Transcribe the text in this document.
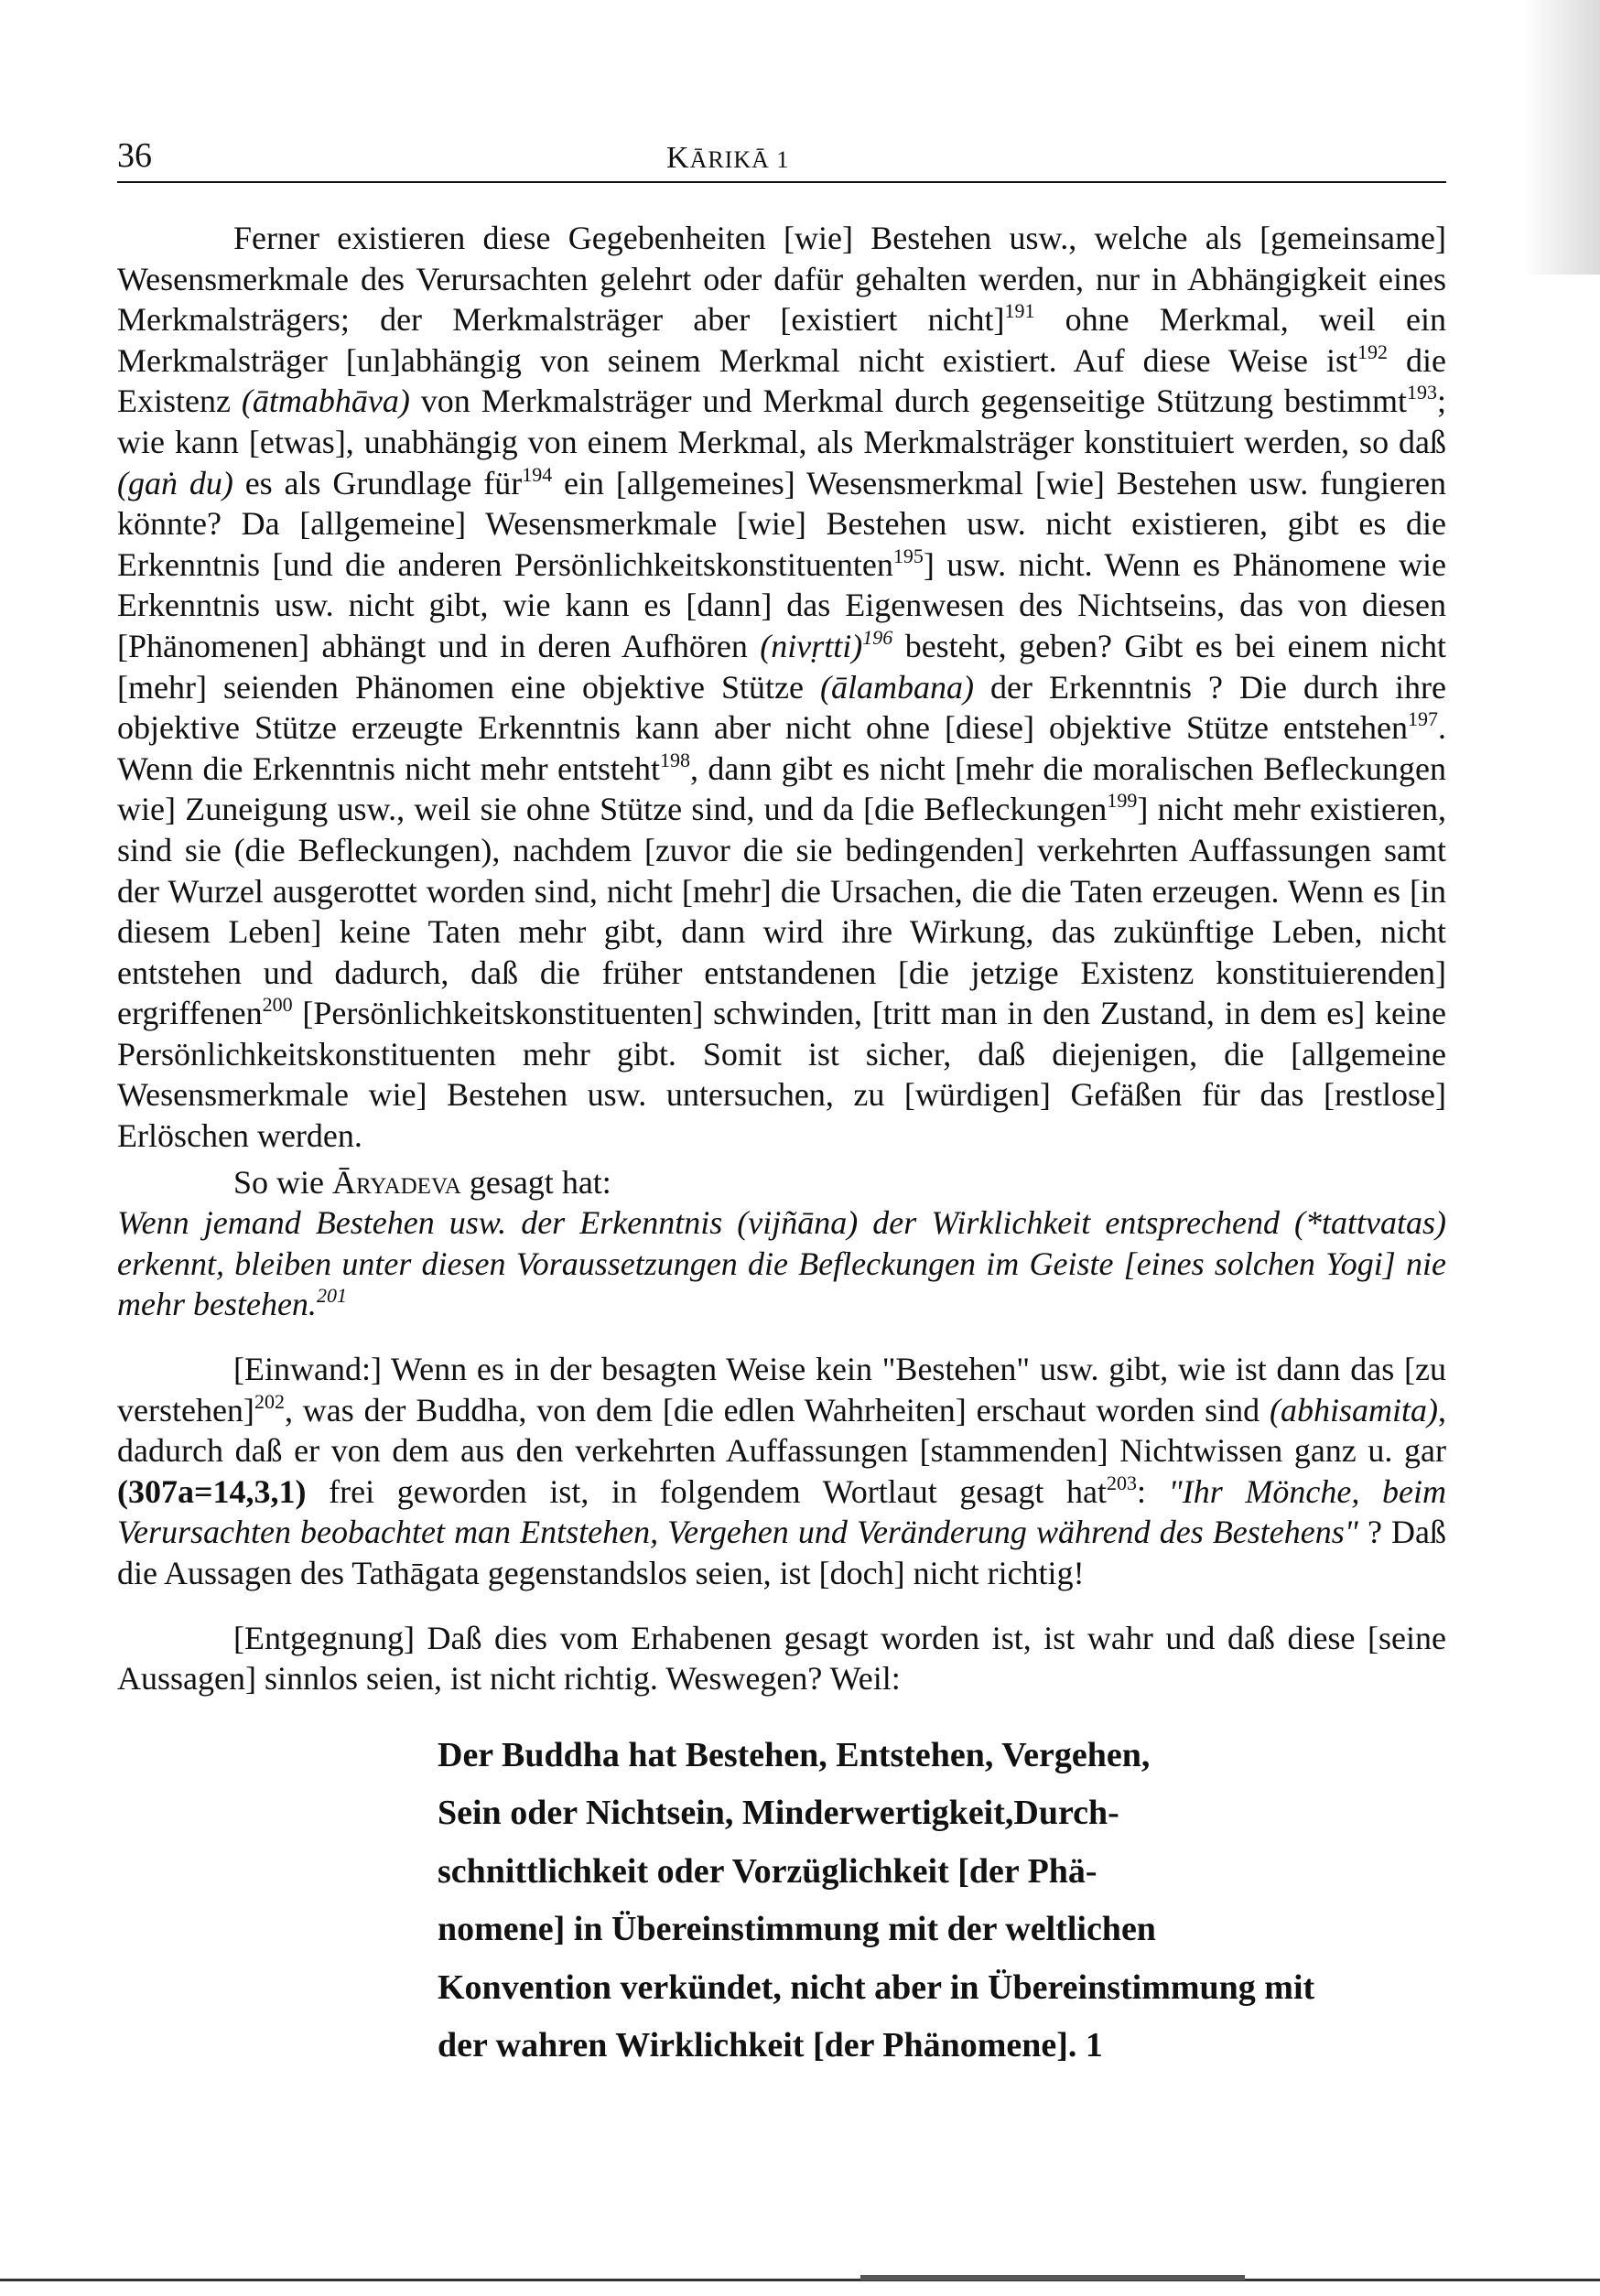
36	KĀRIKĀ 1

Ferner existieren diese Gegebenheiten [wie] Bestehen usw., welche als [gemeinsame] Wesensmerkmale des Verursachten gelehrt oder dafür gehalten werden, nur in Abhängigkeit eines Merkmalsträgers; der Merkmalsträger aber [existiert nicht]$^{191}$ ohne Merkmal, weil ein Merkmalsträger [un]abhängig von seinem Merkmal nicht existiert. Auf diese Weise ist$^{192}$ die Existenz (ātmabhāva) von Merkmalsträger und Merkmal durch gegenseitige Stützung bestimmt$^{193}$; wie kann [etwas], unabhängig von einem Merkmal, als Merkmalsträger konstituiert werden, so daß (gaṅ du) es als Grundlage für$^{194}$ ein [allgemeines] Wesensmerkmal [wie] Bestehen usw. fungieren könnte? Da [allgemeine] Wesensmerkmale [wie] Bestehen usw. nicht existieren, gibt es die Erkenntnis [und die anderen Persönlichkeitskonstituenten$^{195}$] usw. nicht. Wenn es Phänomene wie Erkenntnis usw. nicht gibt, wie kann es [dann] das Eigenwesen des Nichtseins, das von diesen [Phänomenen] abhängt und in deren Aufhören (nivṛtti)$^{196}$ besteht, geben? Gibt es bei einem nicht [mehr] seienden Phänomen eine objektive Stütze (ālambana) der Erkenntnis ? Die durch ihre objektive Stütze erzeugte Erkenntnis kann aber nicht ohne [diese] objektive Stütze entstehen$^{197}$. Wenn die Erkenntnis nicht mehr entsteht$^{198}$, dann gibt es nicht [mehr die moralischen Befleckungen wie] Zuneigung usw., weil sie ohne Stütze sind, und da [die Befleckungen$^{199}$] nicht mehr existieren, sind sie (die Befleckungen), nachdem [zuvor die sie bedingenden] verkehrten Auffassungen samt der Wurzel ausgerottet worden sind, nicht [mehr] die Ursachen, die die Taten erzeugen. Wenn es [in diesem Leben] keine Taten mehr gibt, dann wird ihre Wirkung, das zukünftige Leben, nicht entstehen und dadurch, daß die früher entstandenen [die jetzige Existenz konstituierenden] ergriffenen$^{200}$ [Persönlichkeitskonstituenten] schwinden, [tritt man in den Zustand, in dem es] keine Persönlichkeitskonstituenten mehr gibt. Somit ist sicher, daß diejenigen, die [allgemeine Wesensmerkmale wie] Bestehen usw. untersuchen, zu [würdigen] Gefäßen für das [restlose] Erlöschen werden.

So wie Āryadeva gesagt hat:

Wenn jemand Bestehen usw. der Erkenntnis (vijñāna) der Wirklichkeit entsprechend (*tattvatas) erkennt, bleiben unter diesen Voraussetzungen die Befleckungen im Geiste [eines solchen Yogi] nie mehr bestehen.$^{201}$

[Einwand:] Wenn es in der besagten Weise kein "Bestehen" usw. gibt, wie ist dann das [zu verstehen]$^{202}$, was der Buddha, von dem [die edlen Wahrheiten] erschaut worden sind (abhisamita), dadurch daß er von dem aus den verkehrten Auffassungen [stammenden] Nichtwissen ganz u. gar (307a=14,3,1) frei geworden ist, in folgendem Wortlaut gesagt hat$^{203}$: "Ihr Mönche, beim Verursachten beobachtet man Entstehen, Vergehen und Veränderung während des Bestehens" ? Daß die Aussagen des Tathāgata gegenstandslos seien, ist [doch] nicht richtig!

[Entgegnung] Daß dies vom Erhabenen gesagt worden ist, ist wahr und daß diese [seine Aussagen] sinnlos seien, ist nicht richtig. Weswegen? Weil:

Der Buddha hat Bestehen, Entstehen, Vergehen,

Sein oder Nichtsein, Minderwertigkeit,Durch-

schnittlichkeit oder Vorzüglichkeit [der Phä-

nomene] in Übereinstimmung mit der weltlichen

Konvention verkündet, nicht aber in Übereinstimmung mit

der wahren Wirklichkeit [der Phänomene]. 1
